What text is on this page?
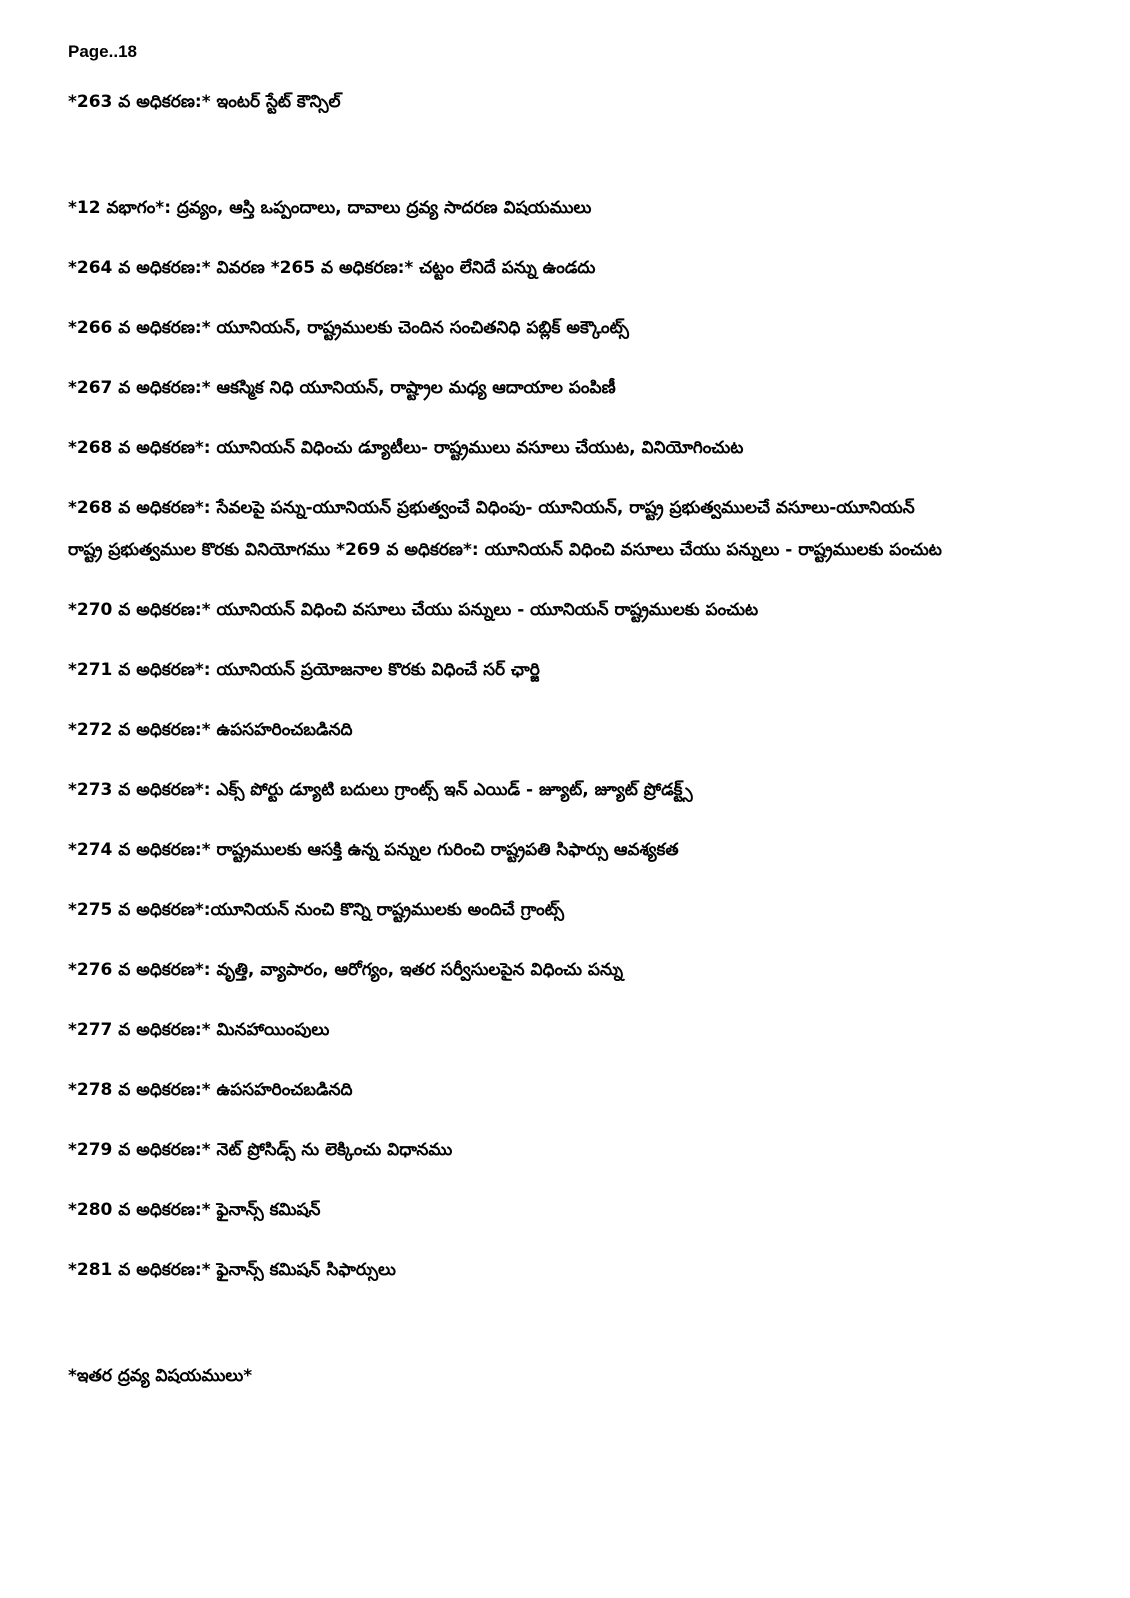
Page..18
*263 వ అధికరణ:* ఇంటర్ స్టేట్ కౌన్సిల్
*12 వభాగం*: ద్రవ్యం, ఆస్తి ఒప్పందాలు, దావాలు ద్రవ్య సాదరణ విషయములు
*264 వ అధికరణ:* వివరణ *265 వ అధికరణ:* చట్టం లేనిదే పన్ను ఉండదు
*266 వ అధికరణ:* యూనియన్, రాష్ట్రములకు చెందిన సంచితనిధి పబ్లిక్ అక్కౌంట్స్
*267 వ అధికరణ:* ఆకస్మిక నిధి యూనియన్, రాష్ట్రాల మధ్య ఆదాయాల పంపిణీ
*268 వ అధికరణ*: యూనియన్ విధించు డ్యూటీలు- రాష్ట్రములు వసూలు చేయుట, వినియోగించుట
*268 వ అధికరణ*: సేవలపై పన్ను-యూనియన్ ప్రభుత్వంచే విధింపు- యూనియన్, రాష్ట్ర ప్రభుత్వములచే వసూలు-యూనియన్
రాష్ట్ర ప్రభుత్వముల కొరకు వినియోగము *269 వ అధికరణ*: యూనియన్ విధించి వసూలు చేయు పన్నులు - రాష్ట్రములకు పంచుట
*270 వ అధికరణ:* యూనియన్ విధించి వసూలు చేయు పన్నులు - యూనియన్ రాష్ట్రములకు పంచుట
*271 వ అధికరణ*: యూనియన్ ప్రయోజనాల కొరకు విధించే సర్ ఛార్జి
*272 వ అధికరణ:* ఉపసహరించబడినది
*273 వ అధికరణ*: ఎక్స్ పోర్టు డ్యూటి బదులు గ్రాంట్స్ ఇన్ ఎయిడ్ - జ్యూట్, జ్యూట్ ప్రోడక్ట్స్
*274 వ అధికరణ:* రాష్ట్రములకు ఆసక్తి ఉన్న పన్నుల గురించి రాష్ట్రపతి సిఫార్సు ఆవశ్యకత
*275 వ అధికరణ*:యూనియన్ నుంచి కొన్ని రాష్ట్రములకు అందిచే గ్రాంట్స్
*276 వ అధికరణ*: వృత్తి, వ్యాపారం, ఆరోగ్యం, ఇతర సర్వీసులపైన విధించు పన్ను
*277 వ అధికరణ:* మినహాయింపులు
*278 వ అధికరణ:* ఉపసహరించబడినది
*279 వ అధికరణ:* నెట్ ప్రోసిడ్స్ ను లెక్కించు విధానము
*280 వ అధికరణ:* ఫైనాన్స్ కమిషన్
*281 వ అధికరణ:* ఫైనాన్స్ కమిషన్ సిఫార్సులు
*ఇతర ద్రవ్య విషయములు*
